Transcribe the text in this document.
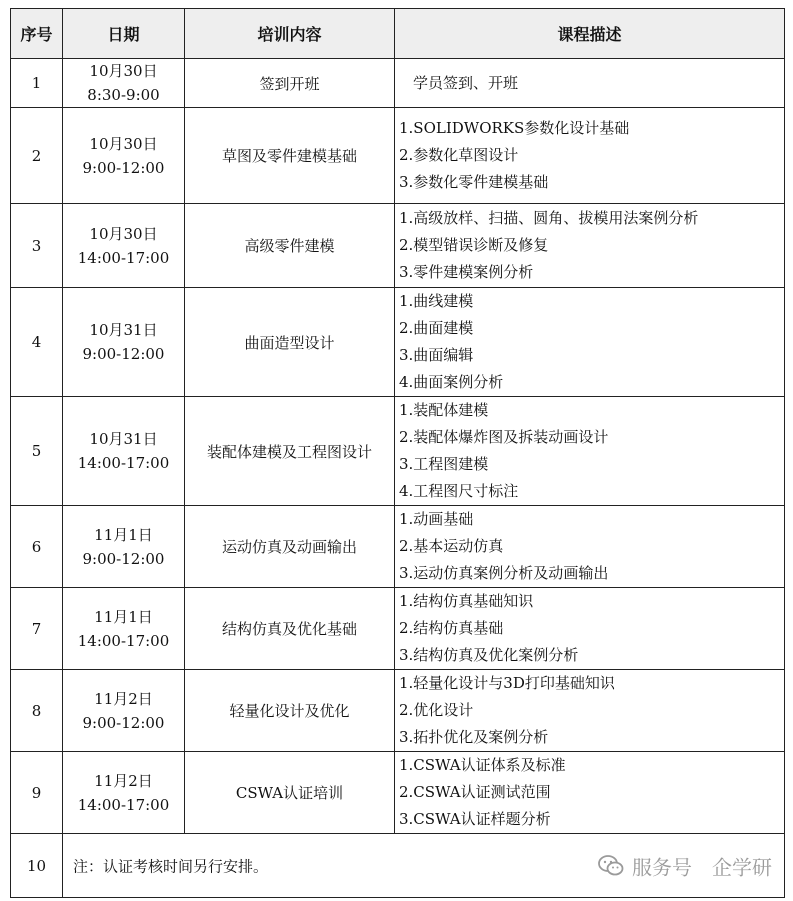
序号	日期	培训内容	课程描述
1	10月30日
8:30-9:00	签到开班	学员签到、开班

2	10月30日
9:00-12:00	草图及零件建模基础	1.SOLIDWORKS参数化设计基础
2.参数化草图设计
3.参数化零件建模基础

3	10月30日
14:00-17:00	高级零件建模	1.高级放样、扫描、圆角、拔模用法案例分析
2.模型错误诊断及修复
3.零件建模案例分析

4	10月31日
9:00-12:00	曲面造型设计	1.曲线建模
2.曲面建模
3.曲面编辑
4.曲面案例分析

5	10月31日
14:00-17:00	装配体建模及工程图设计	1.装配体建模
2.装配体爆炸图及拆装动画设计
3.工程图建模
4.工程图尺寸标注

6	11月1日
9:00-12:00	运动仿真及动画输出	1.动画基础
2.基本运动仿真
3.运动仿真案例分析及动画输出

7	11月1日
14:00-17:00	结构仿真及优化基础	1.结构仿真基础知识
2.结构仿真基础
3.结构仿真及优化案例分析

8	11月2日
9:00-12:00	轻量化设计及优化	1.轻量化设计与3D打印基础知识
2.优化设计
3.拓扑优化及案例分析

9	11月2日
14:00-17:00	CSWA认证培训	1.CSWA认证体系及标准
2.CSWA认证测试范围
3.CSWA认证样题分析

10	注：认证考核时间另行安排。 服务号 企学研		
